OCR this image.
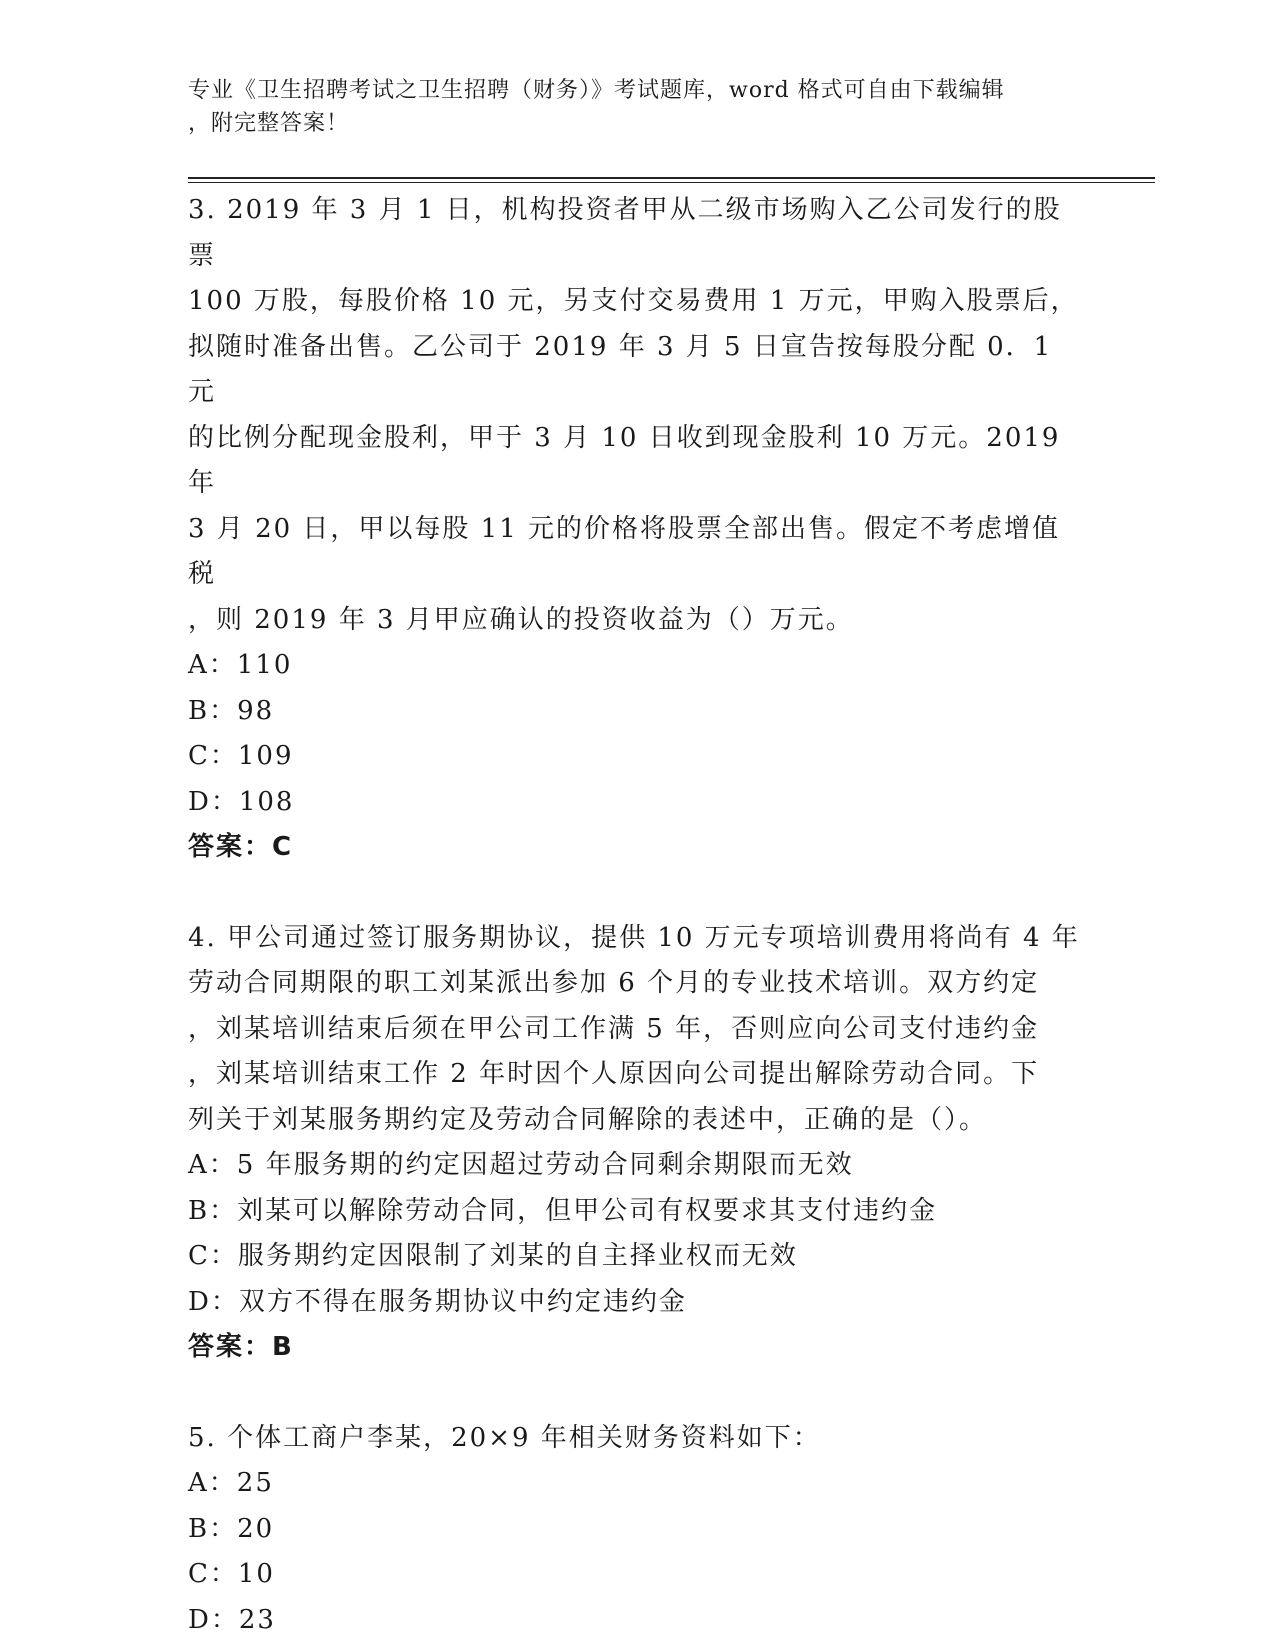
专业《卫生招聘考试之卫生招聘（财务）》考试题库，word 格式可自由下载编辑
，附完整答案！
3. 2019 年 3 月 1 日，机构投资者甲从二级市场购入乙公司发行的股票
100 万股，每股价格 10 元，另支付交易费用 1 万元，甲购入股票后，
拟随时准备出售。乙公司于 2019 年 3 月 5 日宣告按每股分配 0．1 元
的比例分配现金股利，甲于 3 月 10 日收到现金股利 10 万元。2019 年
3 月 20 日，甲以每股 11 元的价格将股票全部出售。假定不考虑增值税
，则 2019 年 3 月甲应确认的投资收益为（）万元。
A：110
B：98
C：109
D：108
答案：C
4. 甲公司通过签订服务期协议，提供 10 万元专项培训费用将尚有 4 年
劳动合同期限的职工刘某派出参加 6 个月的专业技术培训。双方约定
，刘某培训结束后须在甲公司工作满 5 年，否则应向公司支付违约金
，刘某培训结束工作 2 年时因个人原因向公司提出解除劳动合同。下
列关于刘某服务期约定及劳动合同解除的表述中，正确的是（）。
A：5 年服务期的约定因超过劳动合同剩余期限而无效
B：刘某可以解除劳动合同，但甲公司有权要求其支付违约金
C：服务期约定因限制了刘某的自主择业权而无效
D：双方不得在服务期协议中约定违约金
答案：B
5. 个体工商户李某，20×9 年相关财务资料如下：
A：25
B：20
C：10
D：23
